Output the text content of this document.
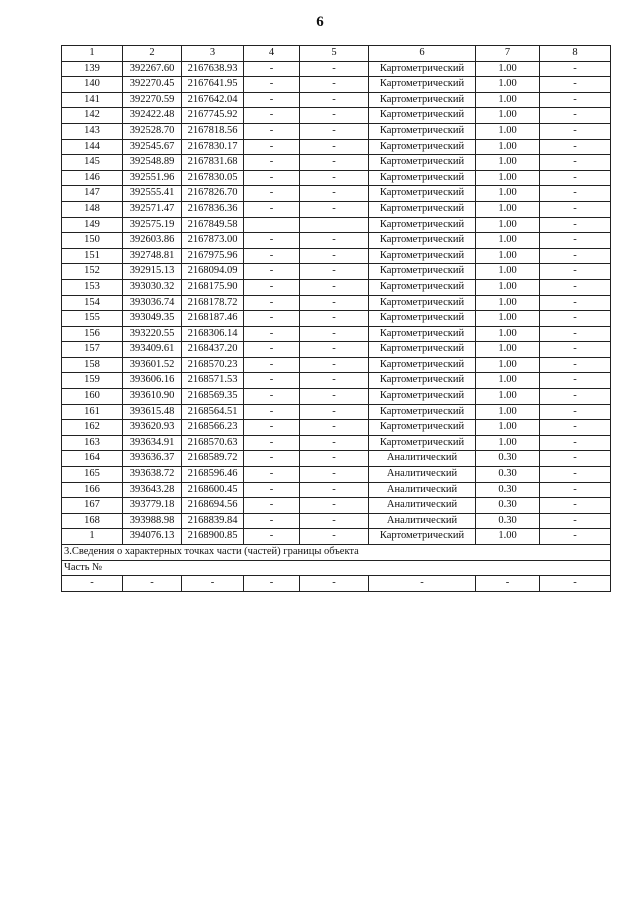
6
1	2	3	4	5	6	7	8
139	392267.60	2167638.93	-	-	Картометрический	1.00	-
140	392270.45	2167641.95	-	-	Картометрический	1.00	-
141	392270.59	2167642.04	-	-	Картометрический	1.00	-
142	392422.48	2167745.92	-	-	Картометрический	1.00	-
143	392528.70	2167818.56	-	-	Картометрический	1.00	-
144	392545.67	2167830.17	-	-	Картометрический	1.00	-
145	392548.89	2167831.68	-	-	Картометрический	1.00	-
146	392551.96	2167830.05	-	-	Картометрический	1.00	-
147	392555.41	2167826.70	-	-	Картометрический	1.00	-
148	392571.47	2167836.36	-	-	Картометрический	1.00	-
149	392575.19	2167849.58			Картометрический	1.00	-
150	392603.86	2167873.00	-	-	Картометрический	1.00	-
151	392748.81	2167975.96	-	-	Картометрический	1.00	-
152	392915.13	2168094.09	-	-	Картометрический	1.00	-
153	393030.32	2168175.90	-	-	Картометрический	1.00	-
154	393036.74	2168178.72	-	-	Картометрический	1.00	-
155	393049.35	2168187.46	-	-	Картометрический	1.00	-
156	393220.55	2168306.14	-	-	Картометрический	1.00	-
157	393409.61	2168437.20	-	-	Картометрический	1.00	-
158	393601.52	2168570.23	-	-	Картометрический	1.00	-
159	393606.16	2168571.53	-	-	Картометрический	1.00	-
160	393610.90	2168569.35	-	-	Картометрический	1.00	-
161	393615.48	2168564.51	-	-	Картометрический	1.00	-
162	393620.93	2168566.23	-	-	Картометрический	1.00	-
163	393634.91	2168570.63	-	-	Картометрический	1.00	-
164	393636.37	2168589.72	-	-	Аналитический	0.30	-
165	393638.72	2168596.46	-	-	Аналитический	0.30	-
166	393643.28	2168600.45	-	-	Аналитический	0.30	-
167	393779.18	2168694.56	-	-	Аналитический	0.30	-
168	393988.98	2168839.84	-	-	Аналитический	0.30	-
1	394076.13	2168900.85	-	-	Картометрический	1.00	-
3.Сведения о характерных точках части (частей) границы объекта							
Часть №							
-	-	-	-	-	-	-	-
